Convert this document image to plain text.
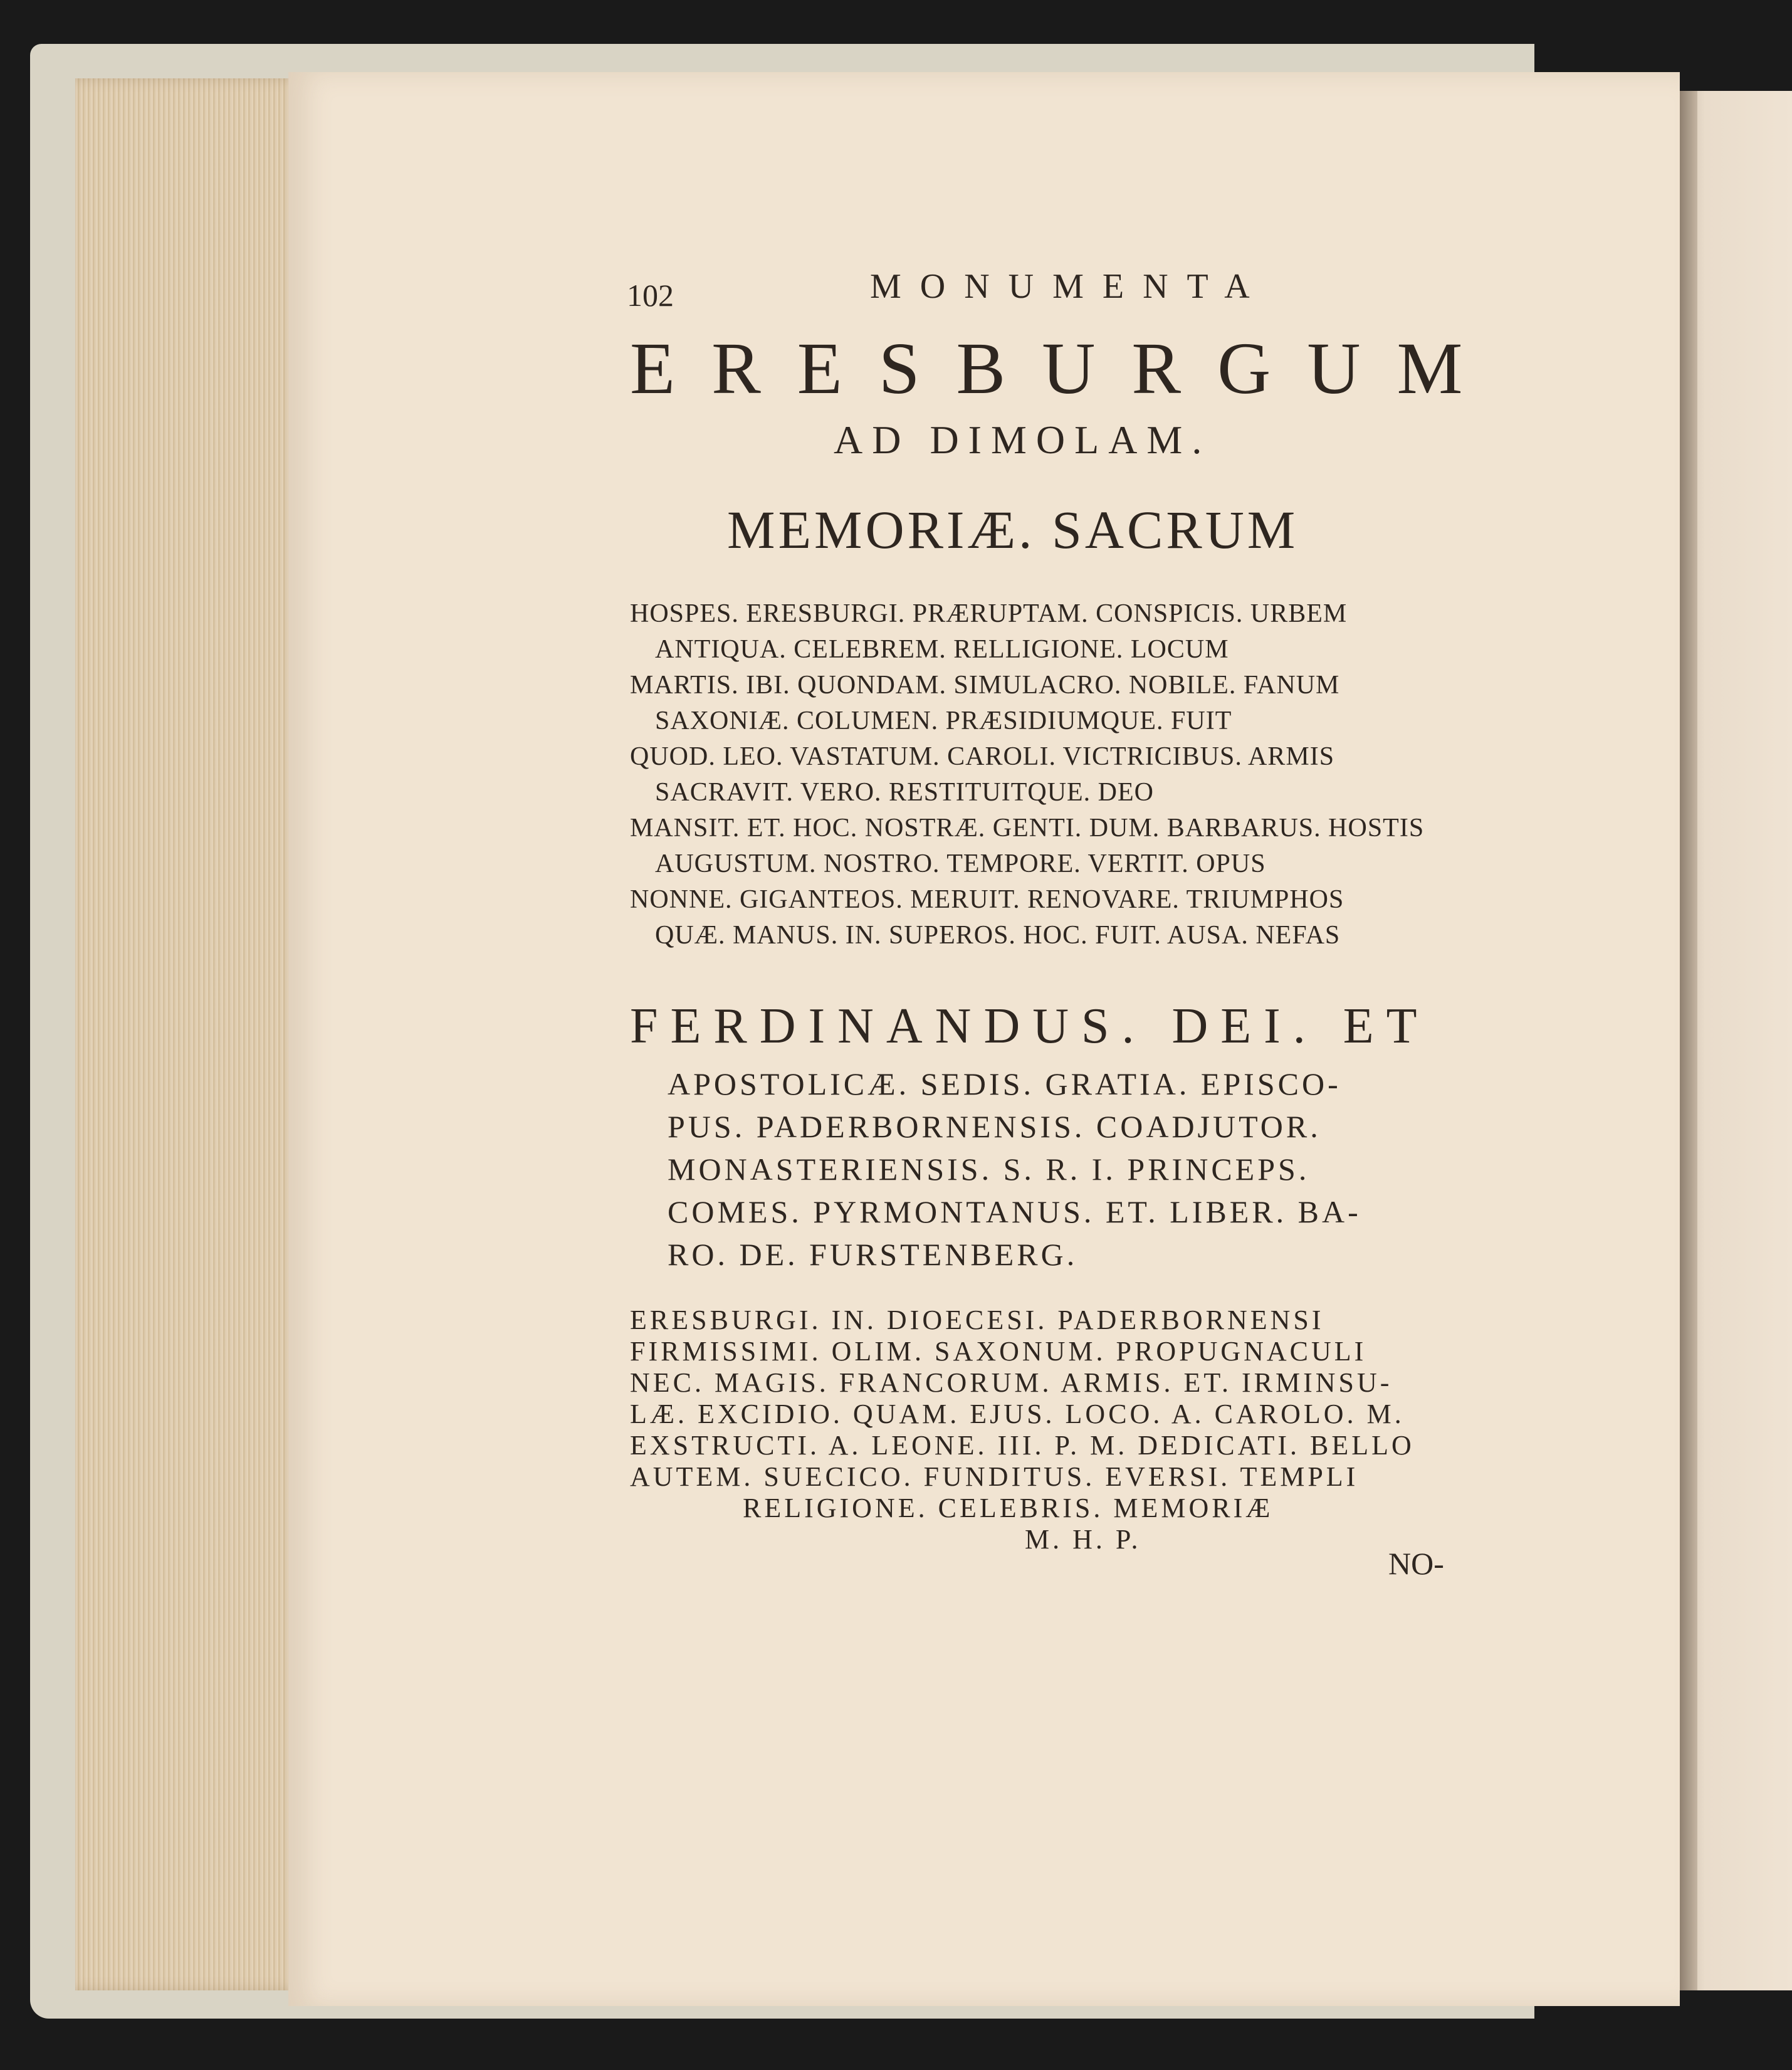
102	MONUMENTA
ERESBURGUM
AD DIMOLAM.
MEMORIÆ. SACRUM
HOSPES. ERESBURGI. PRÆRUPTAM. CONSPICIS. URBEM
ANTIQUA. CELEBREM. RELLIGIONE. LOCUM
MARTIS. IBI. QUONDAM. SIMULACRO. NOBILE. FANUM
SAXONIÆ. COLUMEN. PRÆSIDIUMQUE. FUIT
QUOD. LEO. VASTATUM. CAROLI. VICTRICIBUS. ARMIS
SACRAVIT. VERO. RESTITUITQUE. DEO
MANSIT. ET. HOC. NOSTRÆ. GENTI. DUM. BARBARUS. HOSTIS
AUGUSTUM. NOSTRO. TEMPORE. VERTIT. OPUS
NONNE. GIGANTEOS. MERUIT. RENOVARE. TRIUMPHOS
QUÆ. MANUS. IN. SUPEROS. HOC. FUIT. AUSA. NEFAS
FERDINANDUS. DEI. ET
APOSTOLICÆ. SEDIS. GRATIA. EPISCO-
PUS. PADERBORNENSIS. COADJUTOR.
MONASTERIENSIS. S. R. I. PRINCEPS.
COMES. PYRMONTANUS. ET. LIBER. BA-
RO. DE. FURSTENBERG.
ERESBURGI. IN. DIOECESI. PADERBORNENSI
FIRMISSIMI. OLIM. SAXONUM. PROPUGNACULI
NEC. MAGIS. FRANCORUM. ARMIS. ET. IRMINSU-
LÆ. EXCIDIO. QUAM. EJUS. LOCO. A. CAROLO. M.
EXSTRUCTI. A. LEONE. III. P. M. DEDICATI. BELLO
AUTEM. SUECICO. FUNDITUS. EVERSI. TEMPLI
RELIGIONE. CELEBRIS. MEMORIÆ
M. H. P.
NO-
